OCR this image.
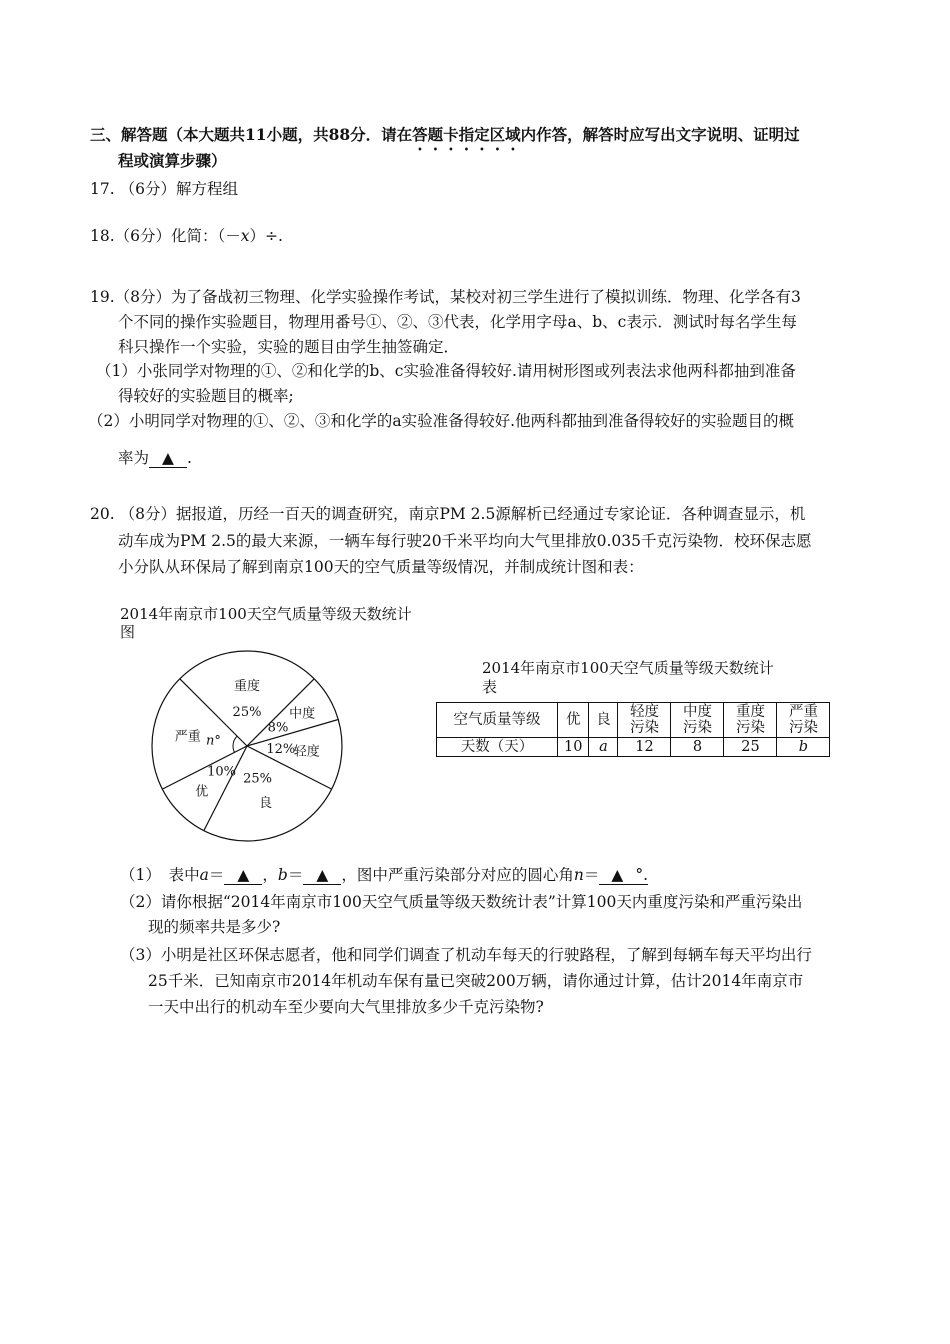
三、解答题（本大题共11小题，共88分．请在答题卡指定区域内作答，解答时应写出文字说明、证明过
程或演算步骤）
17. （6分）解方程组
18.（6分）化简：（－x）÷.
19.（8分）为了备战初三物理、化学实验操作考试，某校对初三学生进行了模拟训练．物理、化学各有3
个不同的操作实验题目，物理用番号①、②、③代表，化学用字母a、b、c表示．测试时每名学生每
科只操作一个实验，实验的题目由学生抽签确定．
（1）小张同学对物理的①、②和化学的b、c实验准备得较好.请用树形图或列表法求他两科都抽到准备
得较好的实验题目的概率;
（2）小明同学对物理的①、②、③和化学的a实验准备得较好.他两科都抽到准备得较好的实验题目的概
率为 ▲ .
20. （8分）据报道，历经一百天的调查研究，南京PM 2.5源解析已经通过专家论证．各种调查显示，机
动车成为PM 2.5的最大来源，一辆车每行驶20千米平均向大气里排放0.035千克污染物．校环保志愿
小分队从环保局了解到南京100天的空气质量等级情况，并制成统计图和表：
2014年南京市100天空气质量等级天数统计
图
优
10%
严重 n°
重度
25% 中度
8%
轻度
12%
良
25%
2014年南京市100天空气质量等级天数统计
表
空气质量等级	优	良	轻度污染	中度污染	重度污染	严重污染
天数（天）	10	a	12	8	25	b
（1）　表中a＝ ▲ ，b＝ ▲ ，图中严重污染部分对应的圆心角n＝ ▲ °.
（2）请你根据“2014年南京市100天空气质量等级天数统计表”计算100天内重度污染和严重污染出
现的频率共是多少?
（3）小明是社区环保志愿者，他和同学们调查了机动车每天的行驶路程，了解到每辆车每天平均出行
25千米．已知南京市2014年机动车保有量已突破200万辆，请你通过计算，估计2014年南京市
一天中出行的机动车至少要向大气里排放多少千克污染物?
